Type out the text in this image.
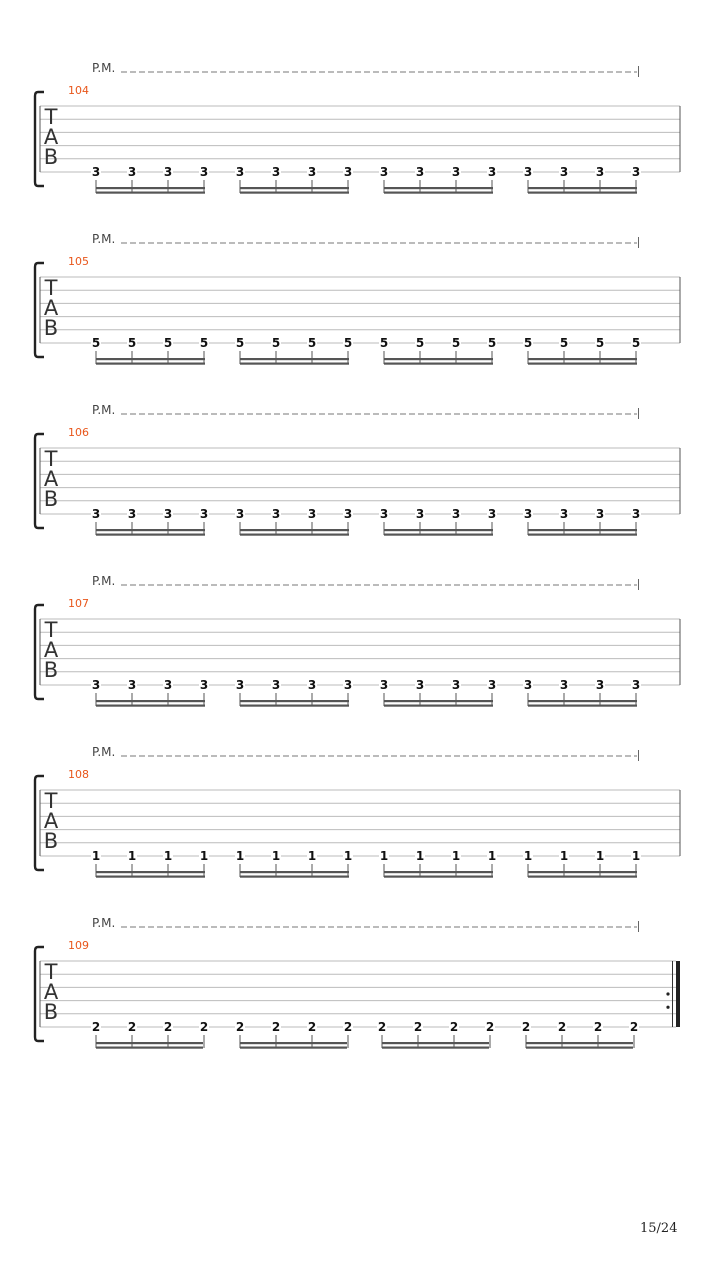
P.M.
104
T
A
B
3 3 3 3 3 3 3 3 3 3 3 3 3 3 3 3
P.M.
105
T
A
B
5 5 5 5 5 5 5 5 5 5 5 5 5 5 5 5
P.M.
106
T
A
B
3 3 3 3 3 3 3 3 3 3 3 3 3 3 3 3
P.M.
107
T
A
B
3 3 3 3 3 3 3 3 3 3 3 3 3 3 3 3
P.M.
108
T
A
B
1 1 1 1 1 1 1 1 1 1 1 1 1 1 1 1
P.M.
109
T
A
B
2 2 2 2 2 2 2 2 2 2 2 2 2 2 2 2
15/24
